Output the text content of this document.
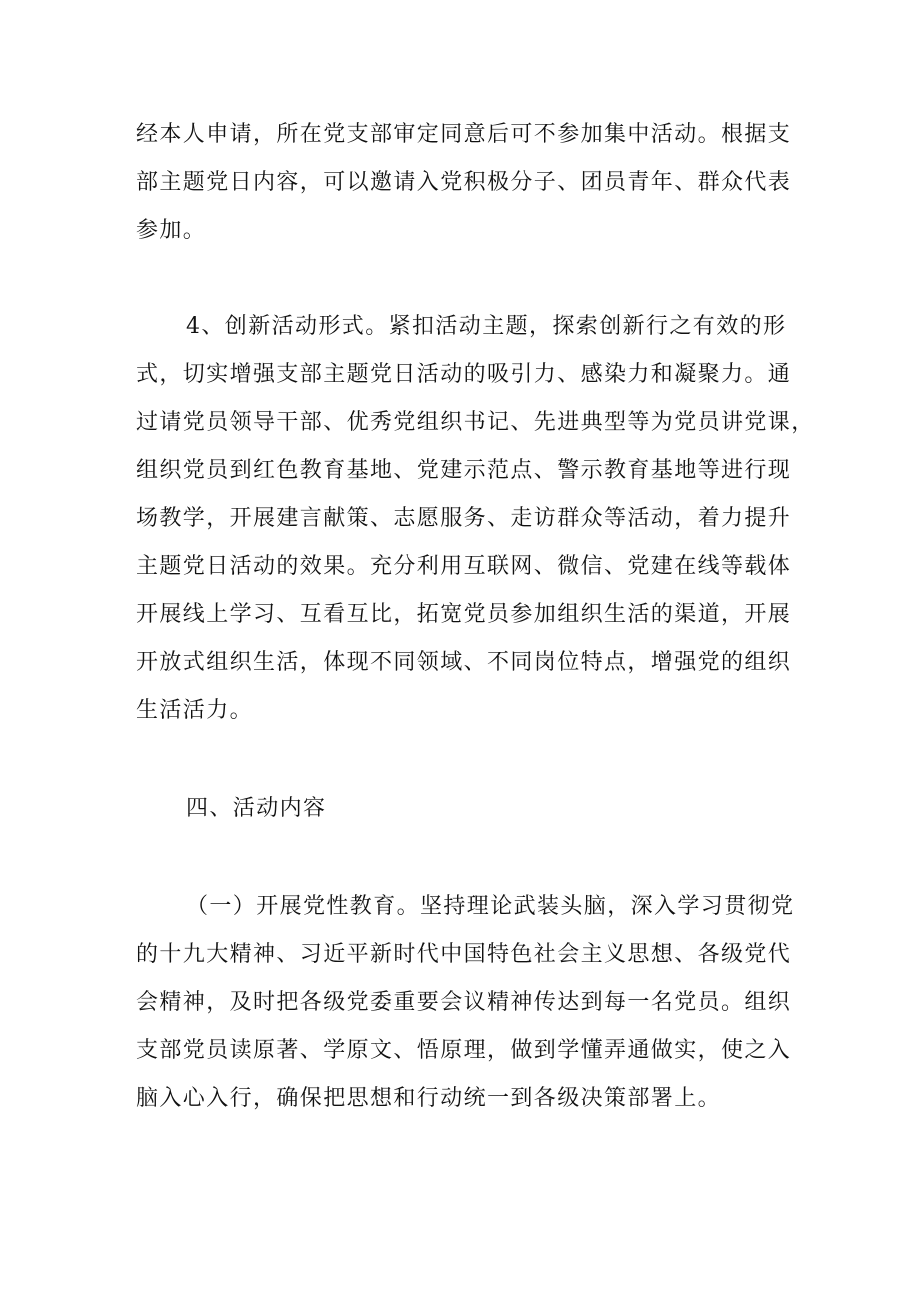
经本人申请，所在党支部审定同意后可不参加集中活动。根据支
部主题党日内容，可以邀请入党积极分子、团员青年、群众代表
参加。
4、创新活动形式。紧扣活动主题，探索创新行之有效的形
式，切实增强支部主题党日活动的吸引力、感染力和凝聚力。通
过请党员领导干部、优秀党组织书记、先进典型等为党员讲党课，
组织党员到红色教育基地、党建示范点、警示教育基地等进行现
场教学，开展建言献策、志愿服务、走访群众等活动，着力提升
主题党日活动的效果。充分利用互联网、微信、党建在线等载体
开展线上学习、互看互比，拓宽党员参加组织生活的渠道，开展
开放式组织生活，体现不同领域、不同岗位特点，增强党的组织
生活活力。
四、活动内容
（一）开展党性教育。坚持理论武装头脑，深入学习贯彻党
的十九大精神、习近平新时代中国特色社会主义思想、各级党代
会精神，及时把各级党委重要会议精神传达到每一名党员。组织
支部党员读原著、学原文、悟原理，做到学懂弄通做实，使之入
脑入心入行，确保把思想和行动统一到各级决策部署上。
